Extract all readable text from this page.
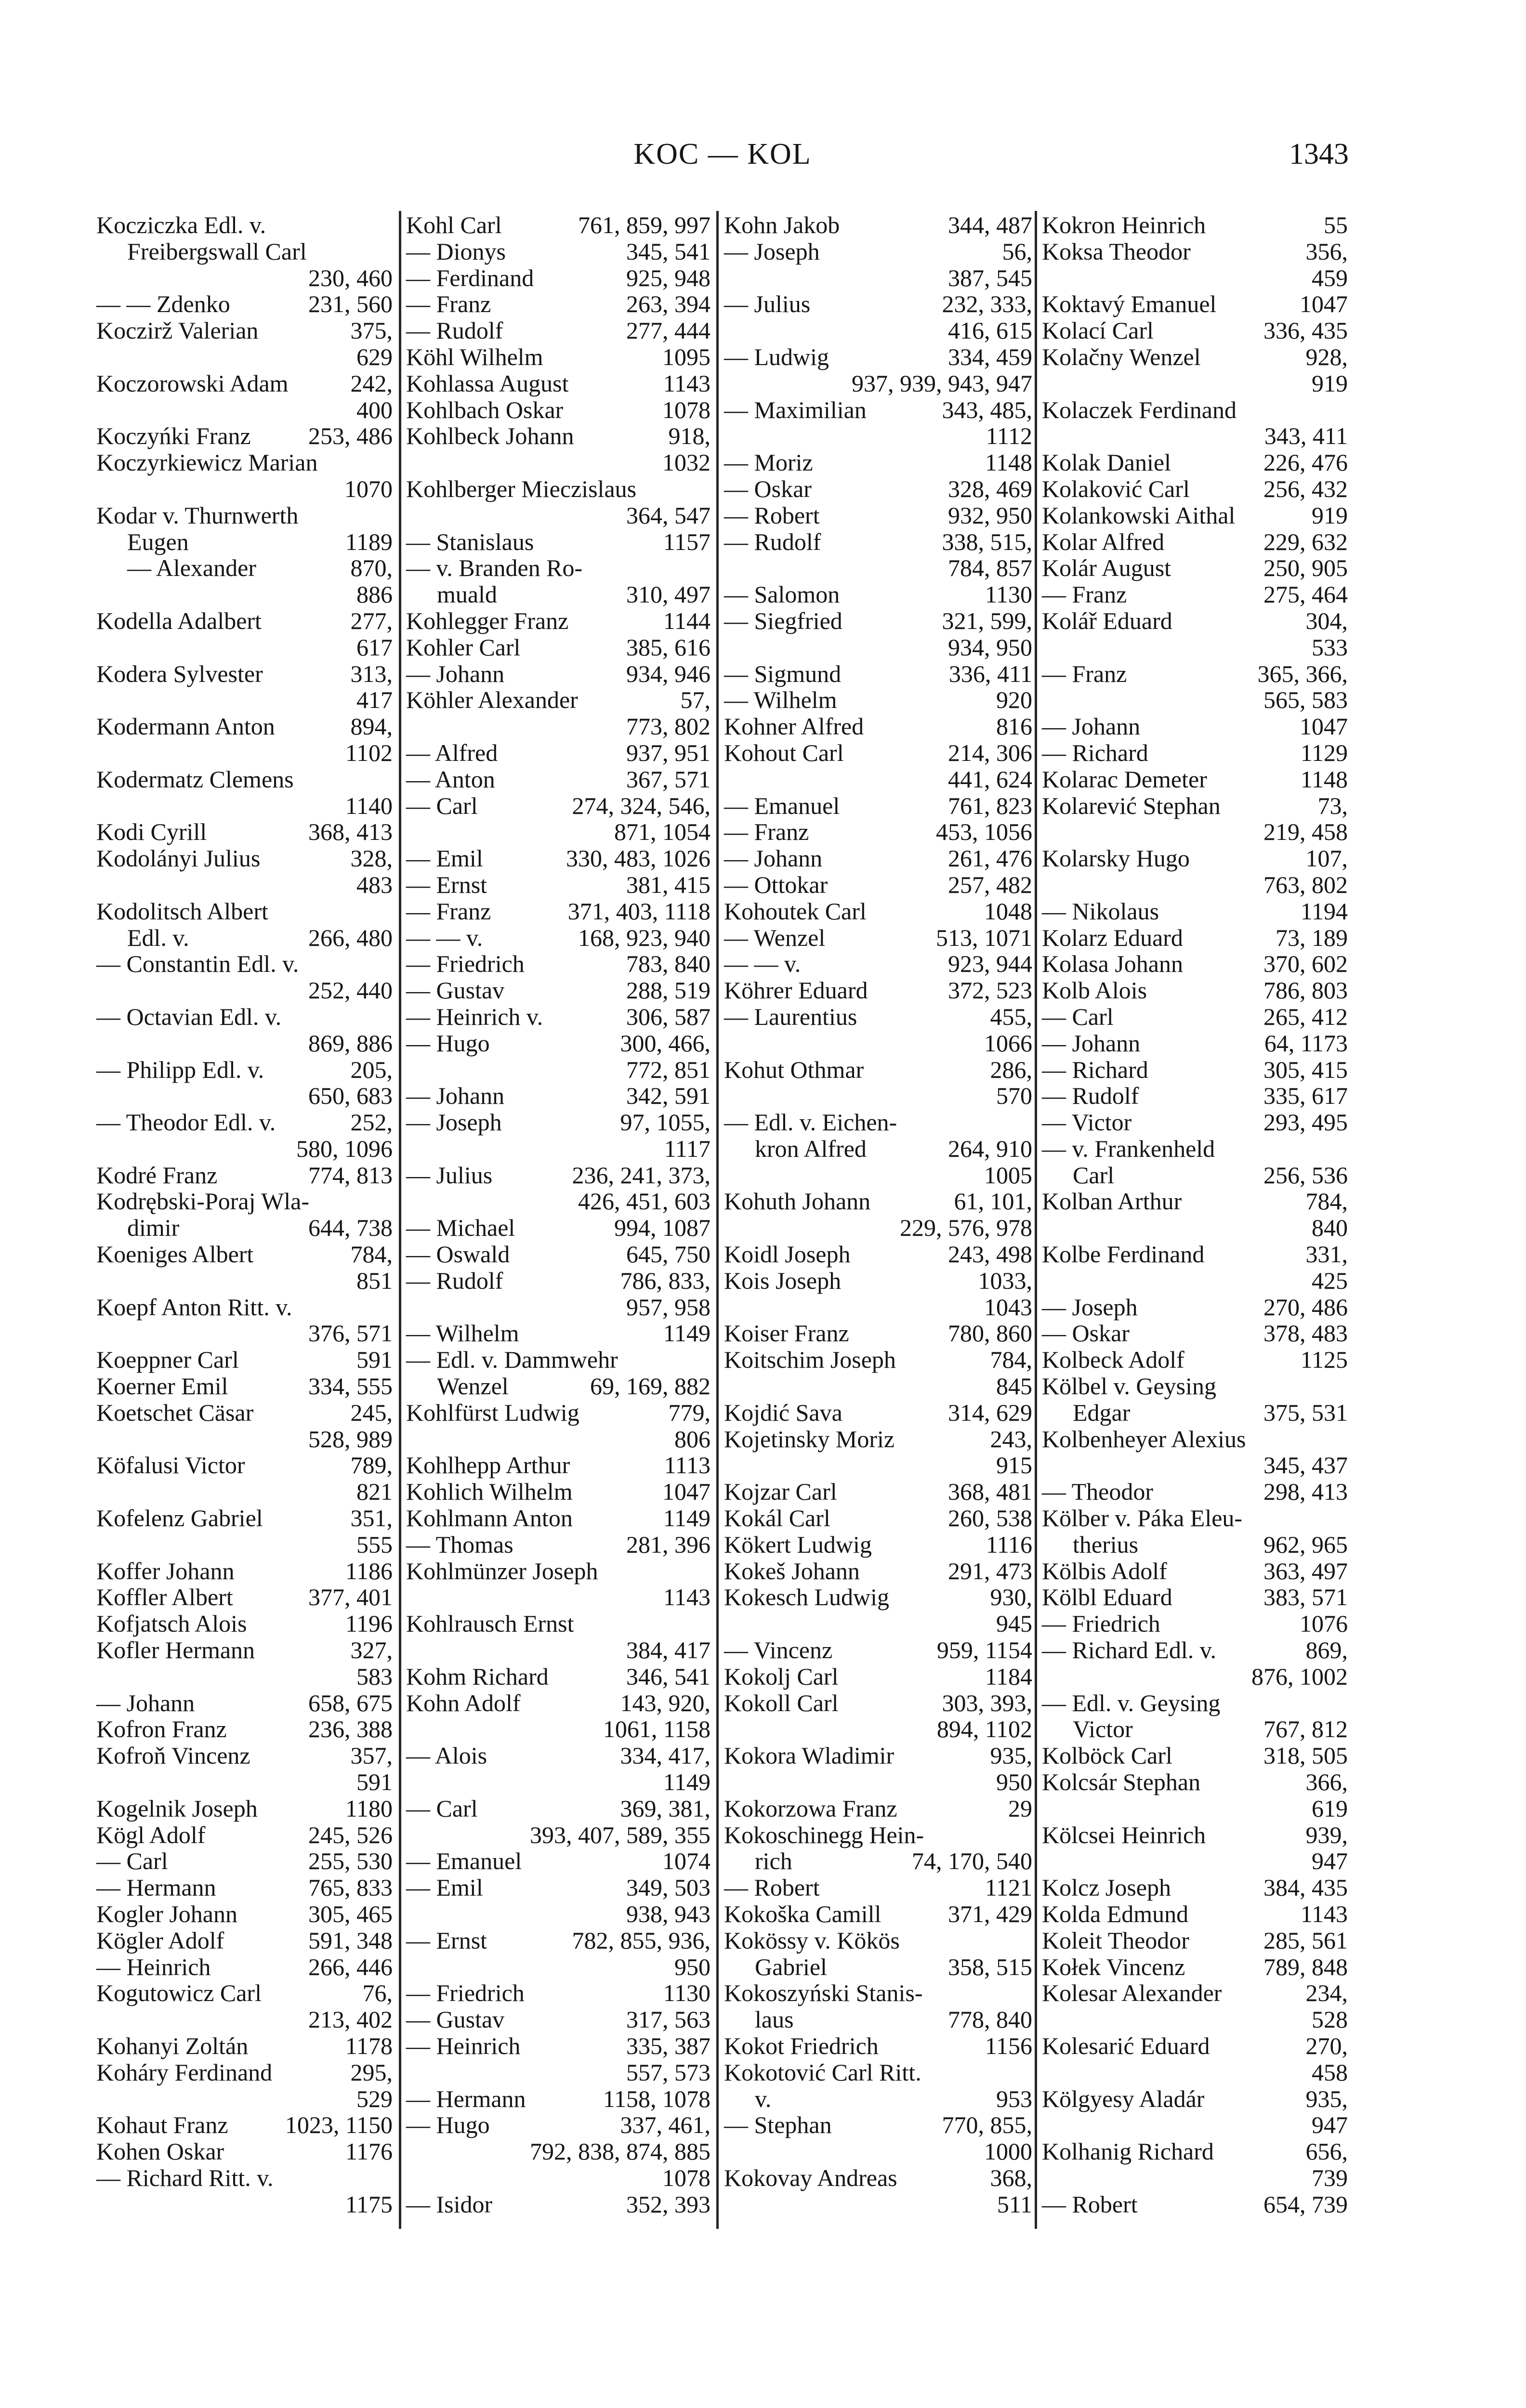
KOC — KOL	1343
Kocziczka Edl. v.
Freibergswall Carl
230, 460
— — Zdenko	231, 560
Koczirž Valerian	375,
629
Koczorowski Adam	242,
400
Koczyńki Franz 253, 486
Koczyrkiewicz Marian
1070
Kodar v. Thurnwerth
Eugen	1189
— Alexander	870,
886
Kodella Adalbert	277,
617
Kodera Sylvester	313,
417
Kodermann Anton	894,
1102
Kodermatz Clemens
1140
Kodi Cyrill	368, 413
Kodolányi Julius	328,
483
Kodolitsch Albert
Edl. v.	266, 480
— Constantin Edl. v.
252, 440
— Octavian Edl. v.
869, 886
— Philipp Edl. v.	205,
650, 683
— Theodor Edl. v.	252,
580, 1096
Kodré Franz	774, 813
Kodrębski-Poraj Wla-
dimir	644, 738
Koeniges Albert	784,
851
Koepf Anton Ritt. v.
376, 571
Koeppner Carl	591
Koerner Emil	334, 555
Koetschet Cäsar	245,
528, 989
Köfalusi Victor	789,
821
Kofelenz Gabriel	351,
555
Koffer Johann	1186
Koffler Albert	377, 401
Kofjatsch Alois	1196
Kofler Hermann	327,
583
— Johann	658, 675
Kofron Franz	236, 388
Kofroň Vincenz	357,
591
Kogelnik Joseph	1180
Kögl Adolf	245, 526
— Carl	255, 530
— Hermann	765, 833
Kogler Johann	305, 465
Kögler Adolf	591, 348
— Heinrich	266, 446
Kogutowicz Carl	76,
213, 402
Kohanyi Zoltán	1178
Koháry Ferdinand	295,
529
Kohaut Franz 1023, 1150
Kohen Oskar	1176
— Richard Ritt. v.
1175
Kohl Carl	761, 859, 997
— Dionys	345, 541
— Ferdinand	925, 948
— Franz	263, 394
— Rudolf	277, 444
Köhl Wilhelm	1095
Kohlassa August	1143
Kohlbach Oskar	1078
Kohlbeck Johann	918,
1032
Kohlberger Mieczislaus
364, 547
— Stanislaus	1157
— v. Branden Ro-
muald	310, 497
Kohlegger Franz	1144
Kohler Carl	385, 616
— Johann	934, 946
Köhler Alexander	57,
773, 802
— Alfred	937, 951
— Anton	367, 571
— Carl	274, 324, 546,
871, 1054
— Emil	330, 483, 1026
— Ernst	381, 415
— Franz	371, 403, 1118
— — v.	168, 923, 940
— Friedrich	783, 840
— Gustav	288, 519
— Heinrich v.	306, 587
— Hugo	300, 466,
772, 851
— Johann	342, 591
— Joseph	97, 1055,
1117
— Julius	236, 241, 373,
426, 451, 603
— Michael	994, 1087
— Oswald	645, 750
— Rudolf	786, 833,
957, 958
— Wilhelm	1149
— Edl. v. Dammwehr
Wenzel	69, 169, 882
Kohlfürst Ludwig	779,
806
Kohlhepp Arthur	1113
Kohlich Wilhelm	1047
Kohlmann Anton	1149
— Thomas	281, 396
Kohlmünzer Joseph
1143
Kohlrausch Ernst
384, 417
Kohm Richard	346, 541
Kohn Adolf	143, 920,
1061, 1158
— Alois	334, 417,
1149
— Carl	369, 381,
393, 407, 589, 355
— Emanuel	1074
— Emil	349, 503
938, 943
— Ernst	782, 855, 936,
950
— Friedrich	1130
— Gustav	317, 563
— Heinrich	335, 387
557, 573
— Hermann	1158, 1078
— Hugo	337, 461,
792, 838, 874, 885
1078
— Isidor	352, 393
Kohn Jakob	344, 487
— Joseph	56,
387, 545
— Julius	232, 333,
416, 615
— Ludwig	334, 459
937, 939, 943, 947
— Maximilian	343, 485,
1112
— Moriz	1148
— Oskar	328, 469
— Robert	932, 950
— Rudolf	338, 515,
784, 857
— Salomon	1130
— Siegfried	321, 599,
934, 950
— Sigmund	336, 411
— Wilhelm	920
Kohner Alfred	816
Kohout Carl	214, 306
441, 624
— Emanuel	761, 823
— Franz	453, 1056
— Johann	261, 476
— Ottokar	257, 482
Kohoutek Carl	1048
— Wenzel	513, 1071
— — v.	923, 944
Köhrer Eduard	372, 523
— Laurentius	455,
1066
Kohut Othmar	286,
570
— Edl. v. Eichen-
kron Alfred	264, 910
1005
Kohuth Johann	61, 101,
229, 576, 978
Koidl Joseph	243, 498
Kois Joseph	1033,
1043
Koiser Franz	780, 860
Koitschim Joseph	784,
845
Kojdić Sava	314, 629
Kojetinsky Moriz	243,
915
Kojzar Carl	368, 481
Kokál Carl	260, 538
Kökert Ludwig	1116
Kokeš Johann	291, 473
Kokesch Ludwig	930,
945
— Vincenz	959, 1154
Kokolj Carl	1184
Kokoll Carl	303, 393,
894, 1102
Kokora Wladimir	935,
950
Kokorzowa Franz	29
Kokoschinegg Hein-
rich	74, 170, 540
— Robert	1121
Kokoška Camill	371, 429
Kokössy v. Kökös
Gabriel	358, 515
Kokoszyński Stanis-
laus	778, 840
Kokot Friedrich	1156
Kokotović Carl Ritt.
v.	953
— Stephan	770, 855,
1000
Kokovay Andreas	368,
511
Kokron Heinrich	55
Koksa Theodor	356,
459
Koktavý Emanuel	1047
Kolací Carl	336, 435
Kolačny Wenzel	928,
919
Kolaczek Ferdinand
343, 411
Kolak Daniel	226, 476
Kolaković Carl	256, 432
Kolankowski Aithal	919
Kolar Alfred	229, 632
Kolár August	250, 905
— Franz	275, 464
Kolář Eduard	304,
533
— Franz	365, 366,
565, 583
— Johann	1047
— Richard	1129
Kolarac Demeter	1148
Kolarević Stephan	73,
219, 458
Kolarsky Hugo	107,
763, 802
— Nikolaus	1194
Kolarz Eduard	73, 189
Kolasa Johann	370, 602
Kolb Alois	786, 803
— Carl	265, 412
— Johann	64, 1173
— Richard	305, 415
— Rudolf	335, 617
— Victor	293, 495
— v. Frankenheld
Carl	256, 536
Kolban Arthur	784,
840
Kolbe Ferdinand	331,
425
— Joseph	270, 486
— Oskar	378, 483
Kolbeck Adolf	1125
Kölbel v. Geysing
Edgar	375, 531
Kolbenheyer Alexius
345, 437
— Theodor	298, 413
Kölber v. Páka Eleu-
therius	962, 965
Kölbis Adolf	363, 497
Kölbl Eduard	383, 571
— Friedrich	1076
— Richard Edl. v.	869,
876, 1002
— Edl. v. Geysing
Victor	767, 812
Kolböck Carl	318, 505
Kolcsár Stephan	366,
619
Kölcsei Heinrich	939,
947
Kolcz Joseph	384, 435
Kolda Edmund	1143
Koleit Theodor	285, 561
Kołek Vincenz	789, 848
Kolesar Alexander	234,
528
Kolesarić Eduard	270,
458
Kölgyesy Aladár	935,
947
Kolhanig Richard	656,
739
— Robert	654, 739
